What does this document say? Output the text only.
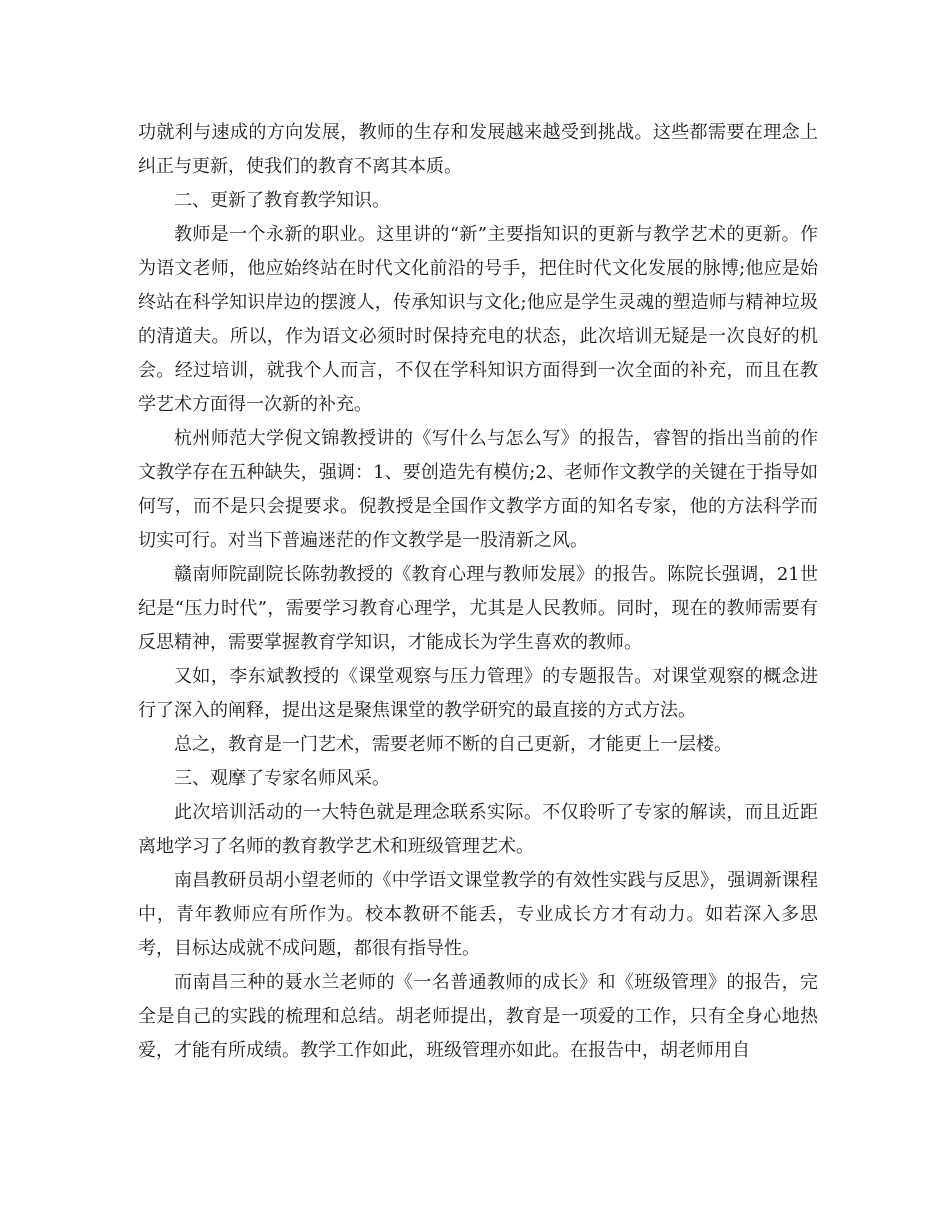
功就利与速成的方向发展，教师的生存和发展越来越受到挑战。这些都需要在理念上纠正与更新，使我们的教育不离其本质。

二、更新了教育教学知识。

教师是一个永新的职业。这里讲的“新”主要指知识的更新与教学艺术的更新。作为语文老师，他应始终站在时代文化前沿的号手，把住时代文化发展的脉博;他应是始终站在科学知识岸边的摆渡人，传承知识与文化;他应是学生灵魂的塑造师与精神垃圾的清道夫。所以，作为语文必须时时保持充电的状态，此次培训无疑是一次良好的机会。经过培训，就我个人而言，不仅在学科知识方面得到一次全面的补充，而且在教学艺术方面得一次新的补充。

杭州师范大学倪文锦教授讲的《写什么与怎么写》的报告，睿智的指出当前的作文教学存在五种缺失，强调：1、要创造先有模仿;2、老师作文教学的关键在于指导如何写，而不是只会提要求。倪教授是全国作文教学方面的知名专家，他的方法科学而切实可行。对当下普遍迷茫的作文教学是一股清新之风。

赣南师院副院长陈勃教授的《教育心理与教师发展》的报告。陈院长强调，21世纪是“压力时代”，需要学习教育心理学，尤其是人民教师。同时，现在的教师需要有反思精神，需要掌握教育学知识，才能成长为学生喜欢的教师。

又如，李东斌教授的《课堂观察与压力管理》的专题报告。对课堂观察的概念进行了深入的阐释，提出这是聚焦课堂的教学研究的最直接的方式方法。

总之，教育是一门艺术，需要老师不断的自己更新，才能更上一层楼。

三、观摩了专家名师风采。

此次培训活动的一大特色就是理念联系实际。不仅聆听了专家的解读，而且近距离地学习了名师的教育教学艺术和班级管理艺术。

南昌教研员胡小望老师的《中学语文课堂教学的有效性实践与反思》，强调新课程中，青年教师应有所作为。校本教研不能丢，专业成长方才有动力。如若深入多思考，目标达成就不成问题，都很有指导性。

而南昌三种的聂水兰老师的《一名普通教师的成长》和《班级管理》的报告，完全是自己的实践的梳理和总结。胡老师提出，教育是一项爱的工作，只有全身心地热爱，才能有所成绩。教学工作如此，班级管理亦如此。在报告中，胡老师用自
